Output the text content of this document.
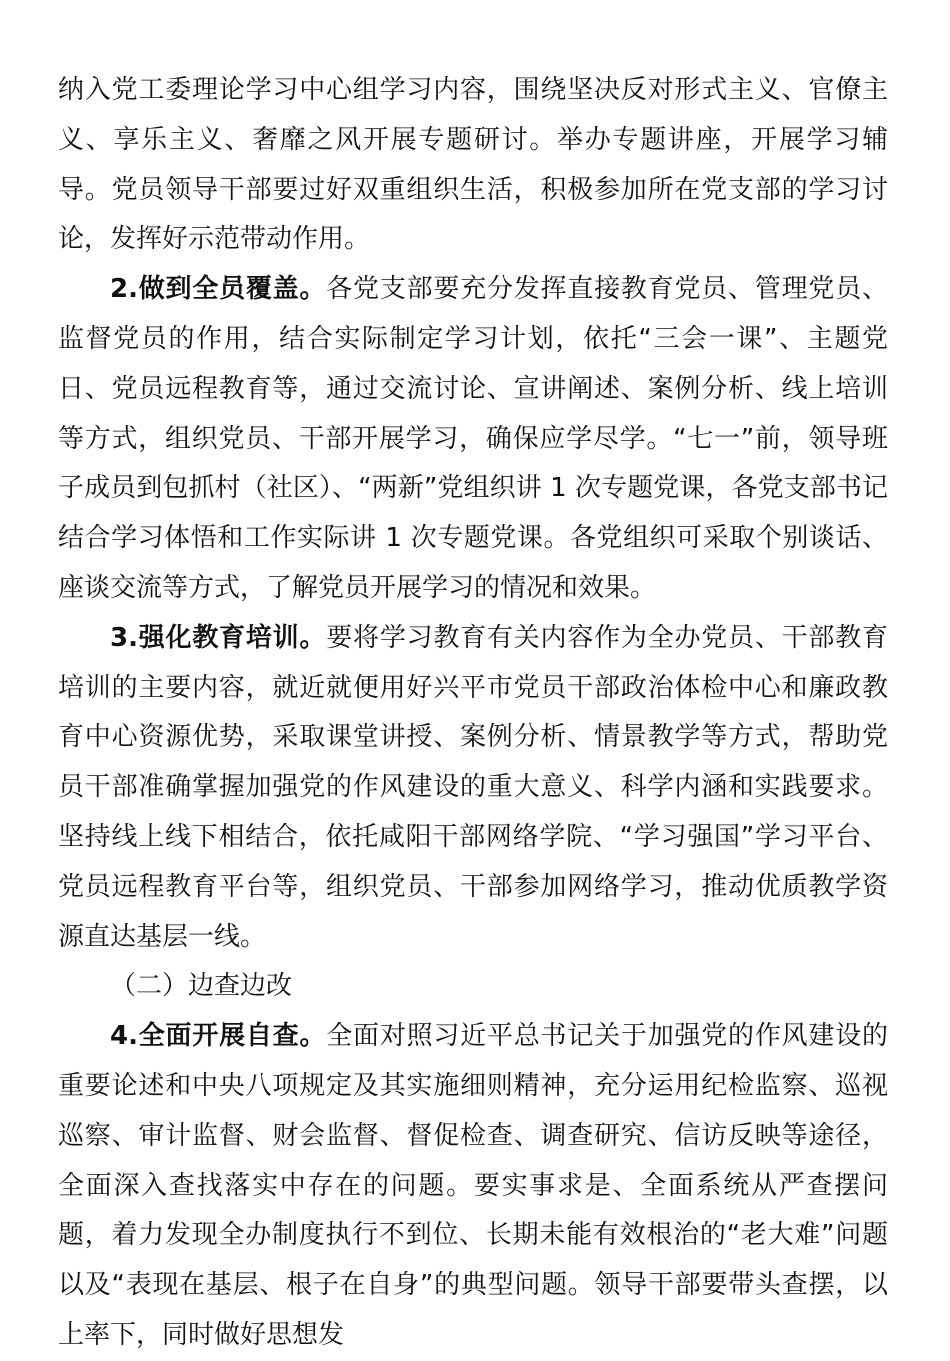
纳入党工委理论学习中心组学习内容，围绕坚决反对形式主义、官僚主义、享乐主义、奢靡之风开展专题研讨。举办专题讲座，开展学习辅导。党员领导干部要过好双重组织生活，积极参加所在党支部的学习讨论，发挥好示范带动作用。

2.做到全员覆盖。各党支部要充分发挥直接教育党员、管理党员、监督党员的作用，结合实际制定学习计划，依托“三会一课”、主题党日、党员远程教育等，通过交流讨论、宣讲阐述、案例分析、线上培训等方式，组织党员、干部开展学习，确保应学尽学。“七一”前，领导班子成员到包抓村（社区）、“两新”党组织讲 1 次专题党课，各党支部书记结合学习体悟和工作实际讲 1 次专题党课。各党组织可采取个别谈话、座谈交流等方式，了解党员开展学习的情况和效果。

3.强化教育培训。要将学习教育有关内容作为全办党员、干部教育培训的主要内容，就近就便用好兴平市党员干部政治体检中心和廉政教育中心资源优势，采取课堂讲授、案例分析、情景教学等方式，帮助党员干部准确掌握加强党的作风建设的重大意义、科学内涵和实践要求。坚持线上线下相结合，依托咸阳干部网络学院、“学习强国”学习平台、党员远程教育平台等，组织党员、干部参加网络学习，推动优质教学资源直达基层一线。

（二）边查边改

4.全面开展自查。全面对照习近平总书记关于加强党的作风建设的重要论述和中央八项规定及其实施细则精神，充分运用纪检监察、巡视巡察、审计监督、财会监督、督促检查、调查研究、信访反映等途径，全面深入查找落实中存在的问题。要实事求是、全面系统从严查摆问题，着力发现全办制度执行不到位、长期未能有效根治的“老大难”问题以及“表现在基层、根子在自身”的典型问题。领导干部要带头查摆，以上率下，同时做好思想发
